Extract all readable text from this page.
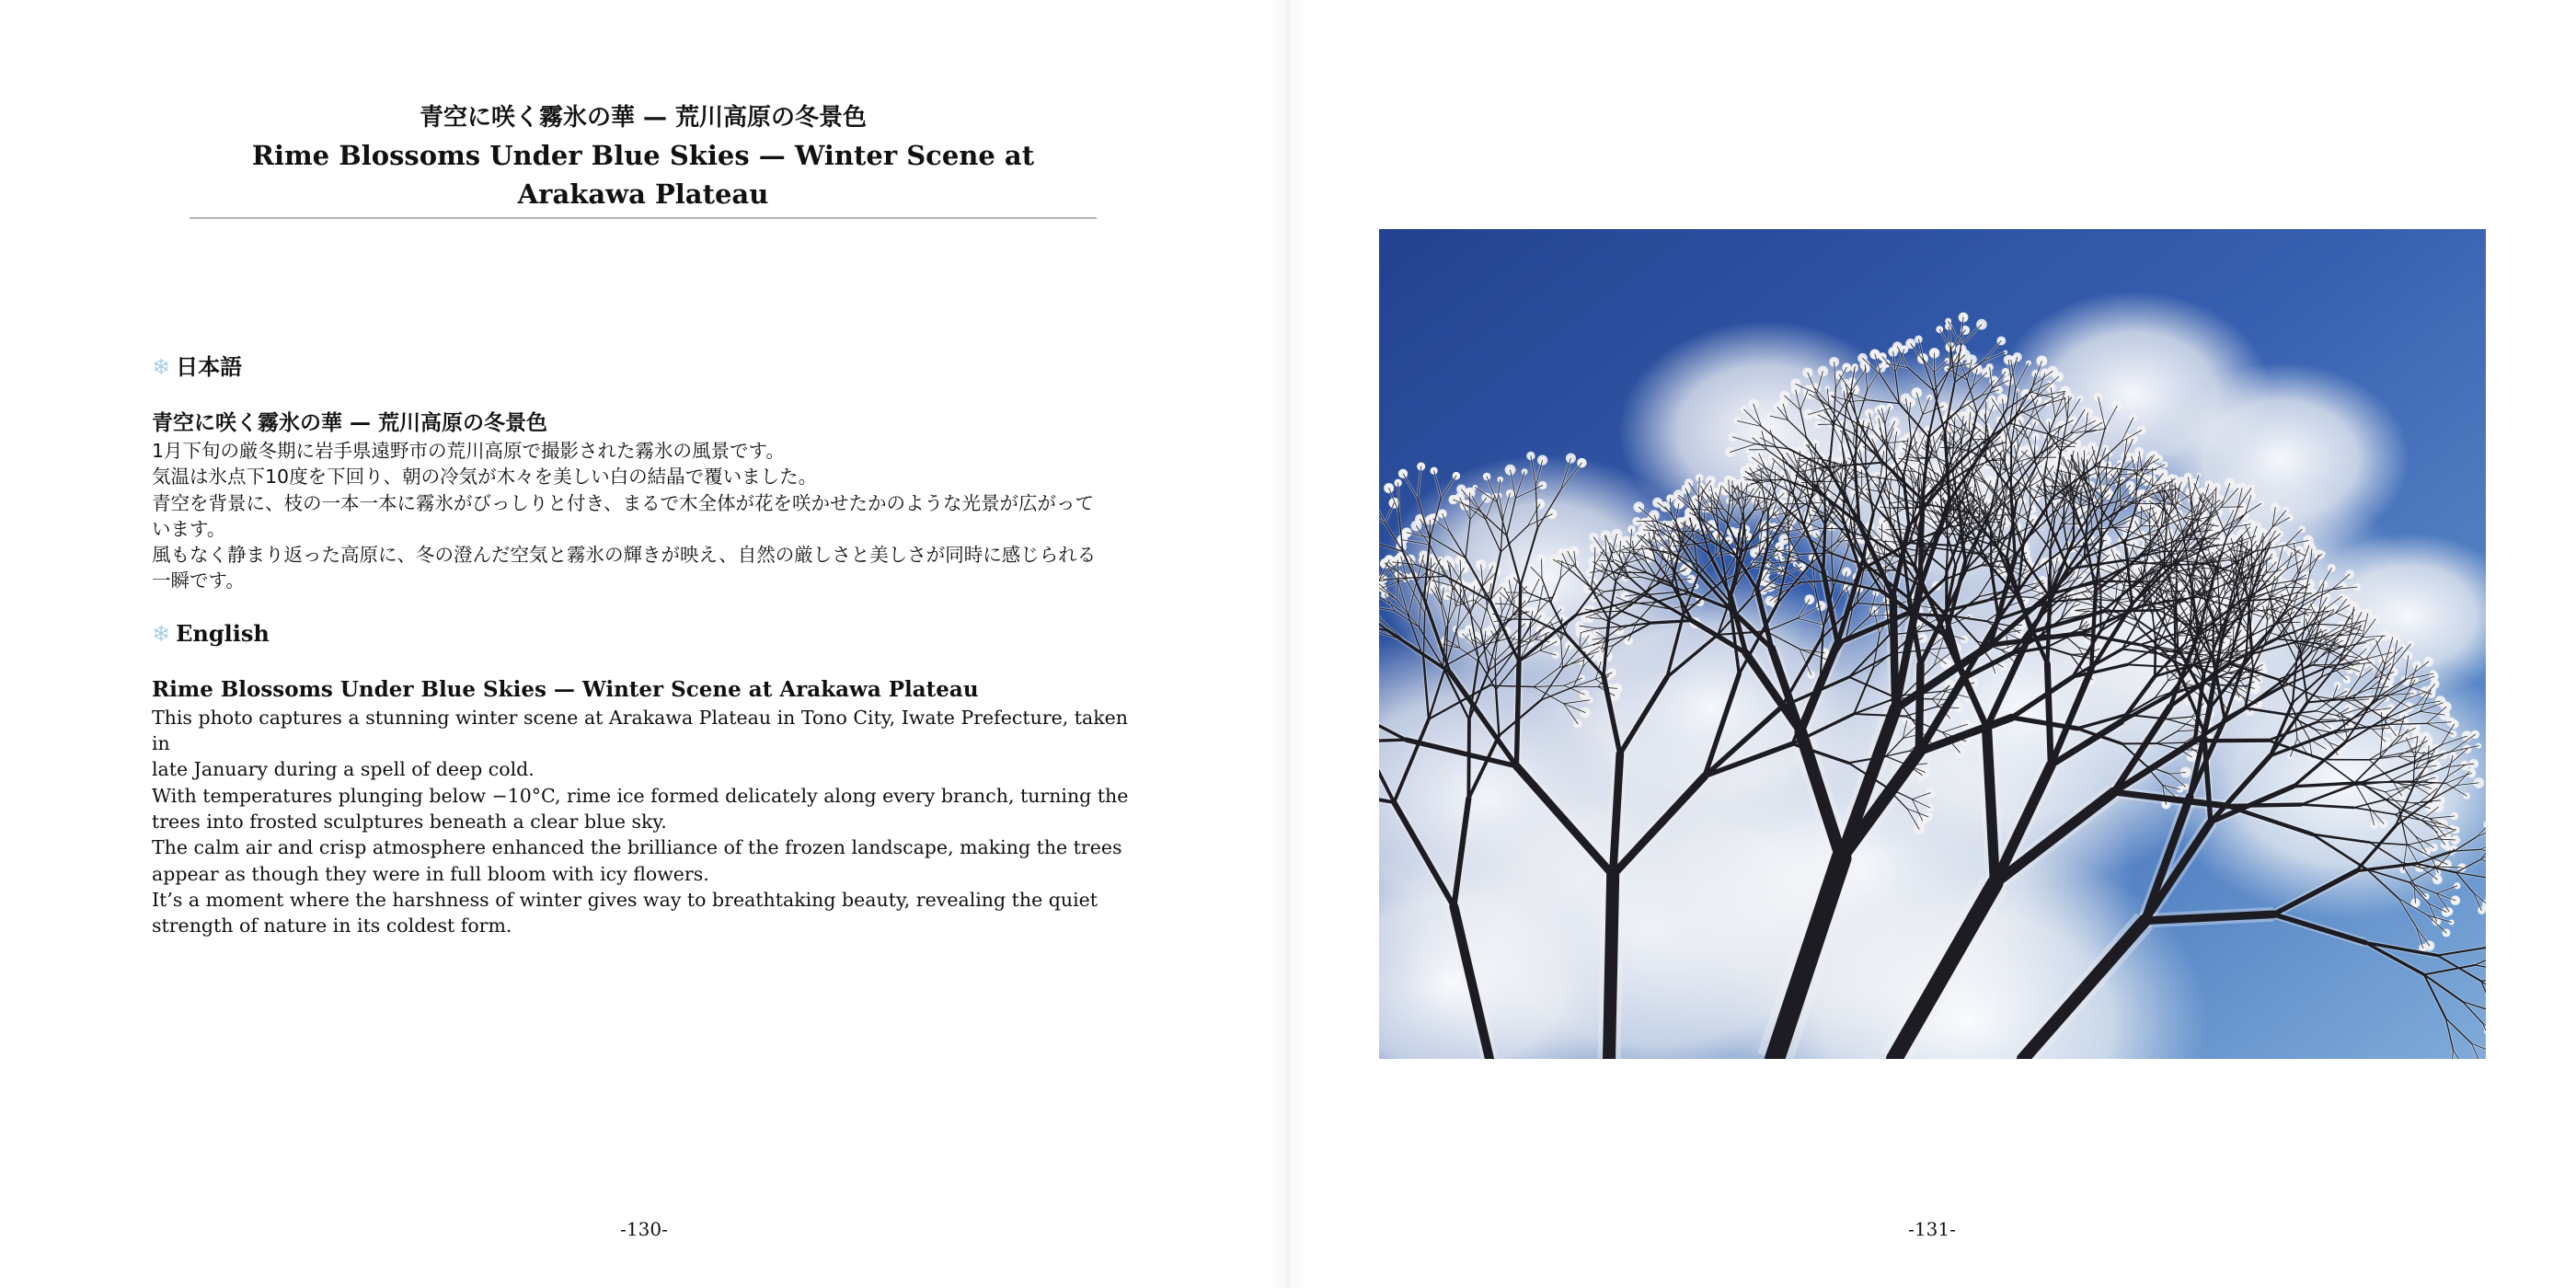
青空に咲く霧氷の華 — 荒川高原の冬景色

Rime Blossoms Under Blue Skies — Winter Scene at Arakawa Plateau

❄ 日本語
青空に咲く霧氷の華 — 荒川高原の冬景色

1月下旬の厳冬期に岩手県遠野市の荒川高原で撮影された霧氷の風景です。

気温は氷点下10度を下回り、朝の冷気が木々を美しい白の結晶で覆いました。

青空を背景に、枝の一本一本に霧氷がびっしりと付き、まるで木全体が花を咲かせたかのような光景が広がって

います。

風もなく静まり返った高原に、冬の澄んだ空気と霧氷の輝きが映え、自然の厳しさと美しさが同時に感じられる

一瞬です。

❄ English
Rime Blossoms Under Blue Skies — Winter Scene at Arakawa Plateau

This photo captures a stunning winter scene at Arakawa Plateau in Tono City, Iwate Prefecture, taken in

late January during a spell of deep cold.

With temperatures plunging below −10°C, rime ice formed delicately along every branch, turning the

trees into frosted sculptures beneath a clear blue sky.

The calm air and crisp atmosphere enhanced the brilliance of the frozen landscape, making the trees

appear as though they were in full bloom with icy flowers.

It’s a moment where the harshness of winter gives way to breathtaking beauty, revealing the quiet

strength of nature in its coldest form.

-130-	-131-
